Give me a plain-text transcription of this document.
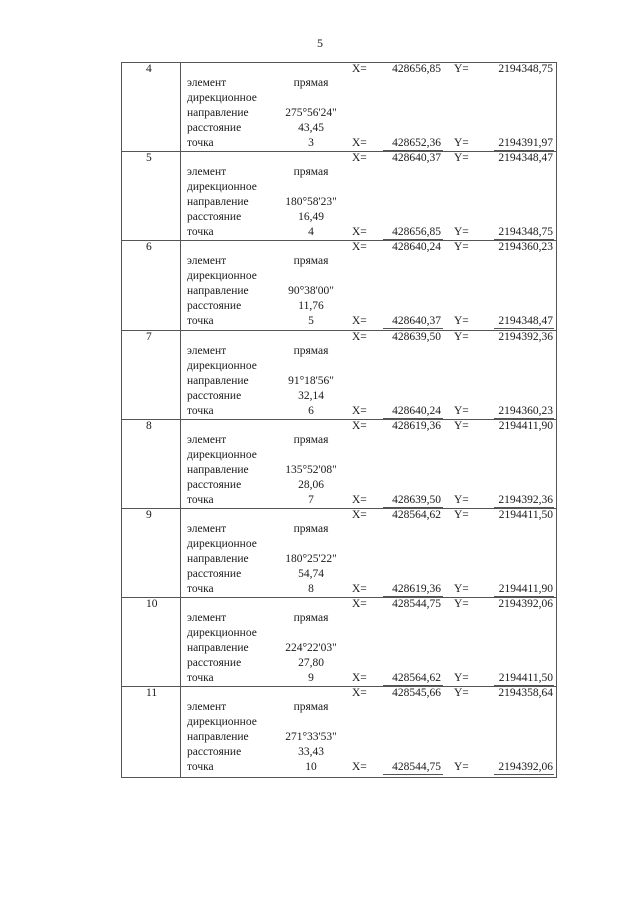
5
4	X= 428656,85 Y=	2194348,75
элемент	прямая
дирекционное
направление	275°56'24"
расстояние	43,45
точка	3	X= 428652,36 Y=	2194391,97
5	X= 428640,37 Y=	2194348,47
элемент	прямая
дирекционное
направление	180°58'23"
расстояние	16,49
точка	4	X= 428656,85 Y=	2194348,75
6	X= 428640,24 Y=	2194360,23
элемент	прямая
дирекционное
направление	90°38'00"
расстояние	11,76
точка	5	X= 428640,37 Y=	2194348,47
7	X= 428639,50 Y=	2194392,36
элемент	прямая
дирекционное
направление	91°18'56"
расстояние	32,14
точка	6	X= 428640,24 Y=	2194360,23
8	X= 428619,36 Y=	2194411,90
элемент	прямая
дирекционное
направление	135°52'08"
расстояние	28,06
точка	7	X= 428639,50 Y=	2194392,36
9	X= 428564,62 Y=	2194411,50
элемент	прямая
дирекционное
направление	180°25'22"
расстояние	54,74
точка	8	X= 428619,36 Y=	2194411,90
10	X= 428544,75 Y=	2194392,06
элемент	прямая
дирекционное
направление	224°22'03"
расстояние	27,80
точка	9	X= 428564,62 Y=	2194411,50
11	X= 428545,66 Y=	2194358,64
элемент	прямая
дирекционное
направление	271°33'53"
расстояние	33,43
точка	10	X= 428544,75 Y=	2194392,06
